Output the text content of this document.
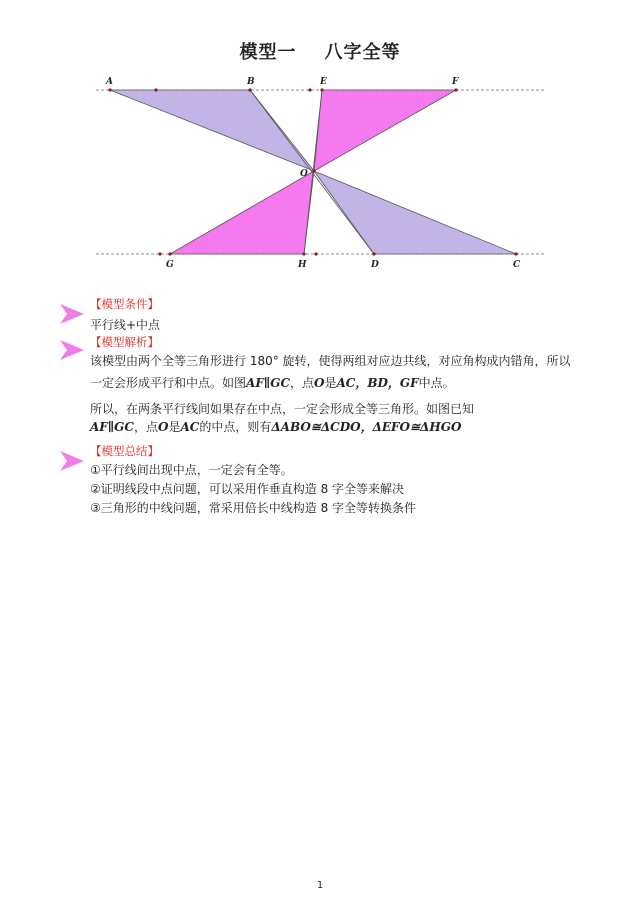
模型一 八字全等
A	B	E	F
O
G	H	D	C
【模型条件】
平行线+中点
【模型解析】
该模型由两个全等三角形进行 180° 旋转，使得两组对应边共线，对应角构成内错角，所以
一定会形成平行和中点。如图AF∥GC，点O是AC，BD，GF中点。
所以，在两条平行线间如果存在中点，一定会形成全等三角形。如图已知
AF∥GC，点O是AC的中点，则有ΔABO≅ΔCDO，ΔEFO≅ΔHGO
【模型总结】
①平行线间出现中点，一定会有全等。
②证明线段中点问题，可以采用作垂直构造 8 字全等来解决
③三角形的中线问题，常采用倍长中线构造 8 字全等转换条件
1
